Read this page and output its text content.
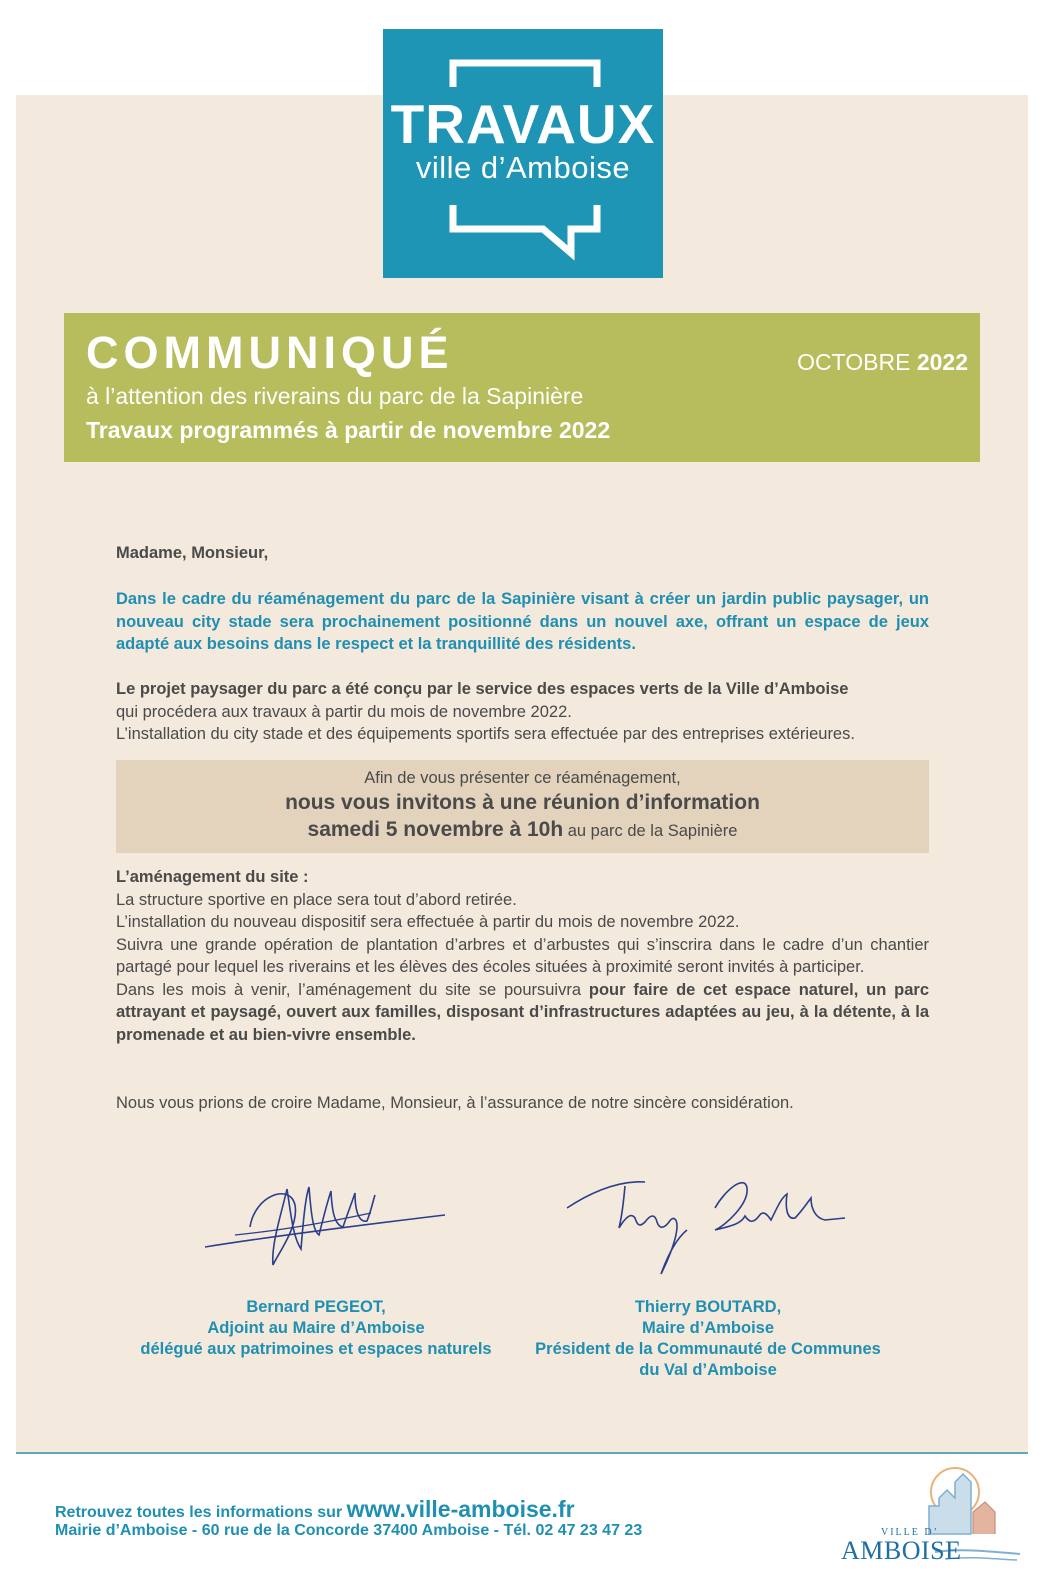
TRAVAUX
ville d’Amboise
COMMUNIQUÉ	OCTOBRE 2022
à l’attention des riverains du parc de la Sapinière
Travaux programmés à partir de novembre 2022

Madame, Monsieur,

Dans le cadre du réaménagement du parc de la Sapinière visant à créer un jardin public paysager, un nouveau city stade sera prochainement positionné dans un nouvel axe, offrant un espace de jeux adapté aux besoins dans le respect et la tranquillité des résidents.

Le projet paysager du parc a été conçu par le service des espaces verts de la Ville d’Amboise

qui procédera aux travaux à partir du mois de novembre 2022.

L’installation du city stade et des équipements sportifs sera effectuée par des entreprises extérieures.

Afin de vous présenter ce réaménagement,
nous vous invitons à une réunion d’information
samedi 5 novembre à 10h au parc de la Sapinière

L’aménagement du site :

La structure sportive en place sera tout d’abord retirée.

L’installation du nouveau dispositif sera effectuée à partir du mois de novembre 2022.

Suivra une grande opération de plantation d’arbres et d’arbustes qui s’inscrira dans le cadre d’un chantier partagé pour lequel les riverains et les élèves des écoles situées à proximité seront invités à participer.

Dans les mois à venir, l’aménagement du site se poursuivra pour faire de cet espace naturel, un parc attrayant et paysagé, ouvert aux familles, disposant d’infrastructures adaptées au jeu, à la détente, à la promenade et au bien-vivre ensemble.

Nous vous prions de croire Madame, Monsieur, à l’assurance de notre sincère considération.

Bernard PEGEOT,
Adjoint au Maire d’Amboise
délégué aux patrimoines et espaces naturels
Thierry BOUTARD,
Maire d’Amboise
Président de la Communauté de Communes
du Val d’Amboise
Retrouvez toutes les informations sur www.ville-amboise.fr
Mairie d’Amboise - 60 rue de la Concorde 37400 Amboise - Tél. 02 47 23 47 23	VILLE D’
AMBOISE
